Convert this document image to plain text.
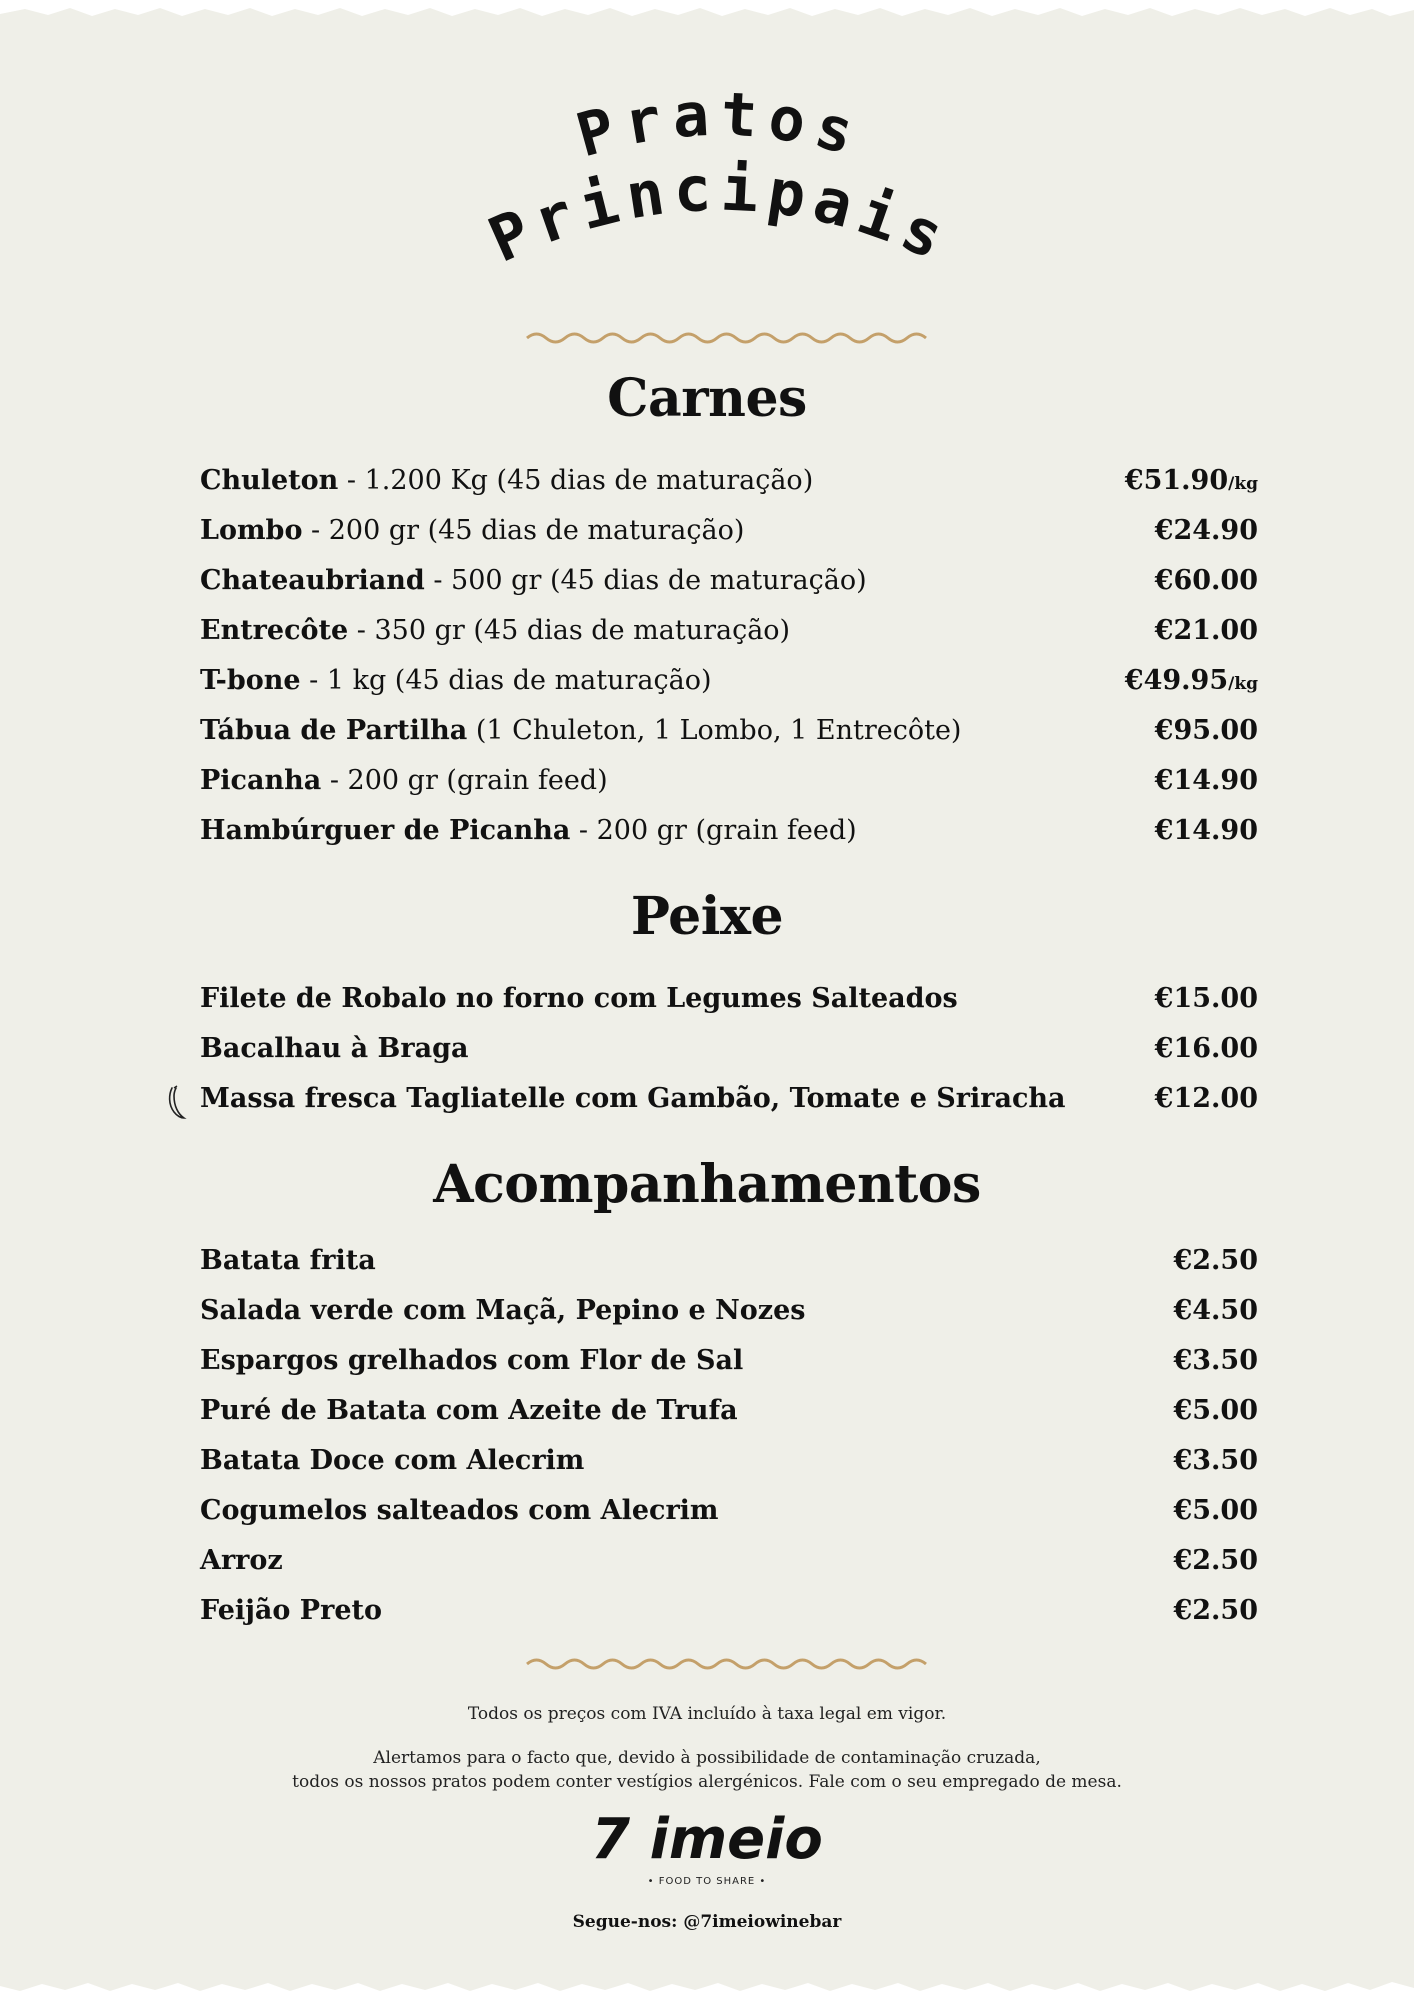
Pratos
Principais
Carnes
Chuleton - 1.200 Kg (45 dias de maturação)	€51.90/kg
Lombo - 200 gr (45 dias de maturação)	€24.90
Chateaubriand - 500 gr (45 dias de maturação)	€60.00
Entrecôte - 350 gr (45 dias de maturação)	€21.00
T-bone - 1 kg (45 dias de maturação)	€49.95/kg
Tábua de Partilha (1 Chuleton, 1 Lombo, 1 Entrecôte)	€95.00
Picanha - 200 gr (grain feed)	€14.90
Hambúrguer de Picanha - 200 gr (grain feed)	€14.90
Peixe
Filete de Robalo no forno com Legumes Salteados	€15.00
Bacalhau à Braga	€16.00
Massa fresca Tagliatelle com Gambão, Tomate e Sriracha	€12.00
Acompanhamentos
Batata frita	€2.50
Salada verde com Maçã, Pepino e Nozes	€4.50
Espargos grelhados com Flor de Sal	€3.50
Puré de Batata com Azeite de Trufa	€5.00
Batata Doce com Alecrim	€3.50
Cogumelos salteados com Alecrim	€5.00
Arroz	€2.50
Feijão Preto	€2.50
Todos os preços com IVA incluído à taxa legal em vigor.
Alertamos para o facto que, devido à possibilidade de contaminação cruzada,
todos os nossos pratos podem conter vestígios alergénicos. Fale com o seu empregado de mesa.
7 imeio
• FOOD TO SHARE •
Segue-nos: @7imeiowinebar
